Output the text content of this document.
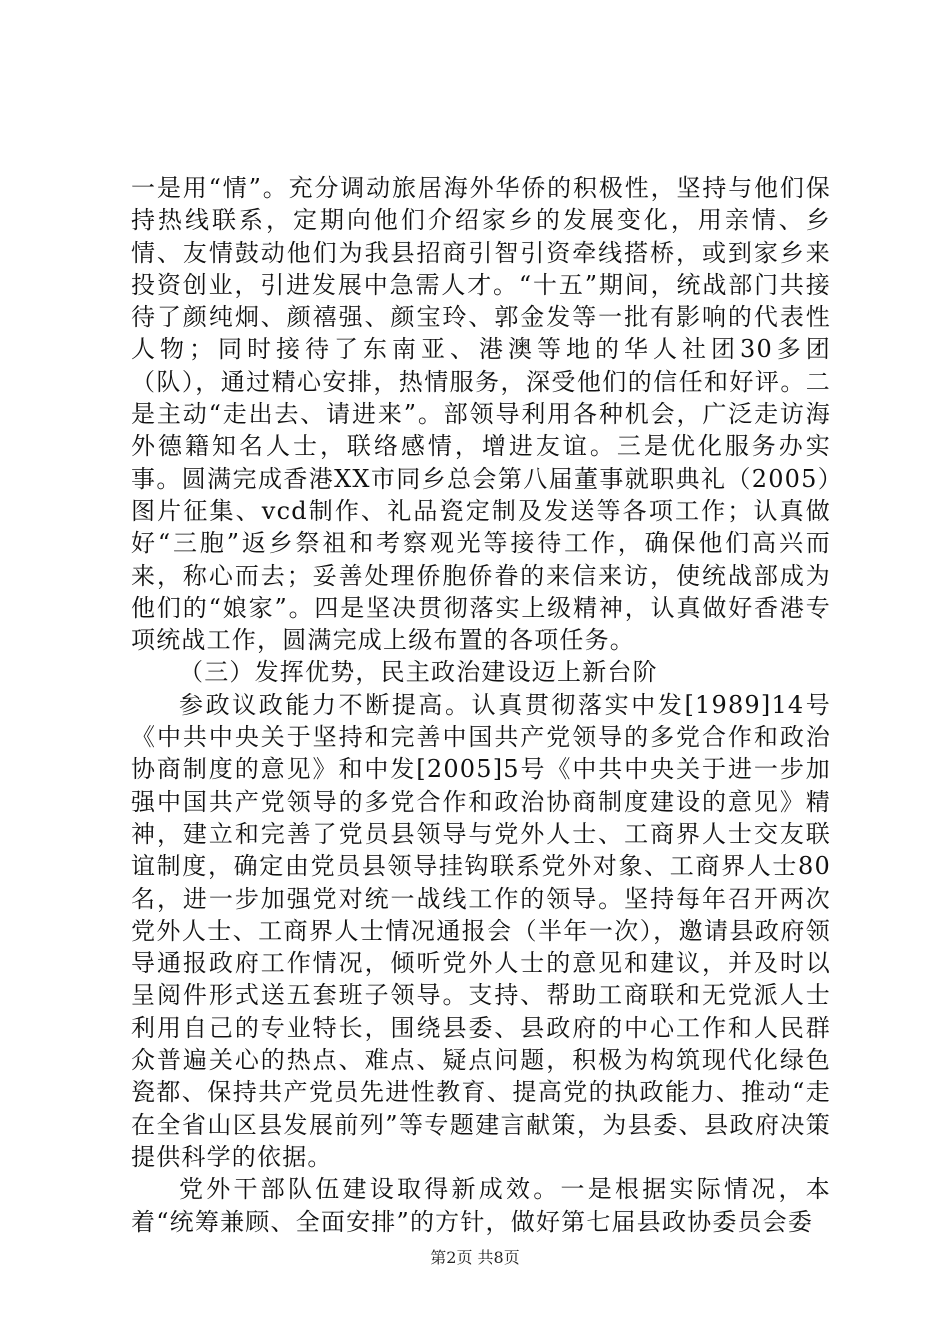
一是用“情”。充分调动旅居海外华侨的积极性，坚持与他们保持热线联系，定期向他们介绍家乡的发展变化，用亲情、乡情、友情鼓动他们为我县招商引智引资牵线搭桥，或到家乡来投资创业，引进发展中急需人才。“十五”期间，统战部门共接待了颜纯炯、颜禧强、颜宝玲、郭金发等一批有影响的代表性人物；同时接待了东南亚、港澳等地的华人社团30多团（队），通过精心安排，热情服务，深受他们的信任和好评。二是主动“走出去、请进来”。部领导利用各种机会，广泛走访海外德籍知名人士，联络感情，增进友谊。三是优化服务办实事。圆满完成香港XX市同乡总会第八届董事就职典礼（2005）图片征集、vcd制作、礼品瓷定制及发送等各项工作；认真做好“三胞”返乡祭祖和考察观光等接待工作，确保他们高兴而来，称心而去；妥善处理侨胞侨眷的来信来访，使统战部成为他们的“娘家”。四是坚决贯彻落实上级精神，认真做好香港专项统战工作，圆满完成上级布置的各项任务。

（三）发挥优势，民主政治建设迈上新台阶

参政议政能力不断提高。认真贯彻落实中发[1989]14号《中共中央关于坚持和完善中国共产党领导的多党合作和政治协商制度的意见》和中发[2005]5号《中共中央关于进一步加强中国共产党领导的多党合作和政治协商制度建设的意见》精神，建立和完善了党员县领导与党外人士、工商界人士交友联谊制度，确定由党员县领导挂钩联系党外对象、工商界人士80名，进一步加强党对统一战线工作的领导。坚持每年召开两次党外人士、工商界人士情况通报会（半年一次），邀请县政府领导通报政府工作情况，倾听党外人士的意见和建议，并及时以呈阅件形式送五套班子领导。支持、帮助工商联和无党派人士利用自己的专业特长，围绕县委、县政府的中心工作和人民群众普遍关心的热点、难点、疑点问题，积极为构筑现代化绿色瓷都、保持共产党员先进性教育、提高党的执政能力、推动“走在全省山区县发展前列”等专题建言献策，为县委、县政府决策提供科学的依据。

党外干部队伍建设取得新成效。一是根据实际情况，本着“统筹兼顾、全面安排”的方针，做好第七届县政协委员会委

第2页 共8页
